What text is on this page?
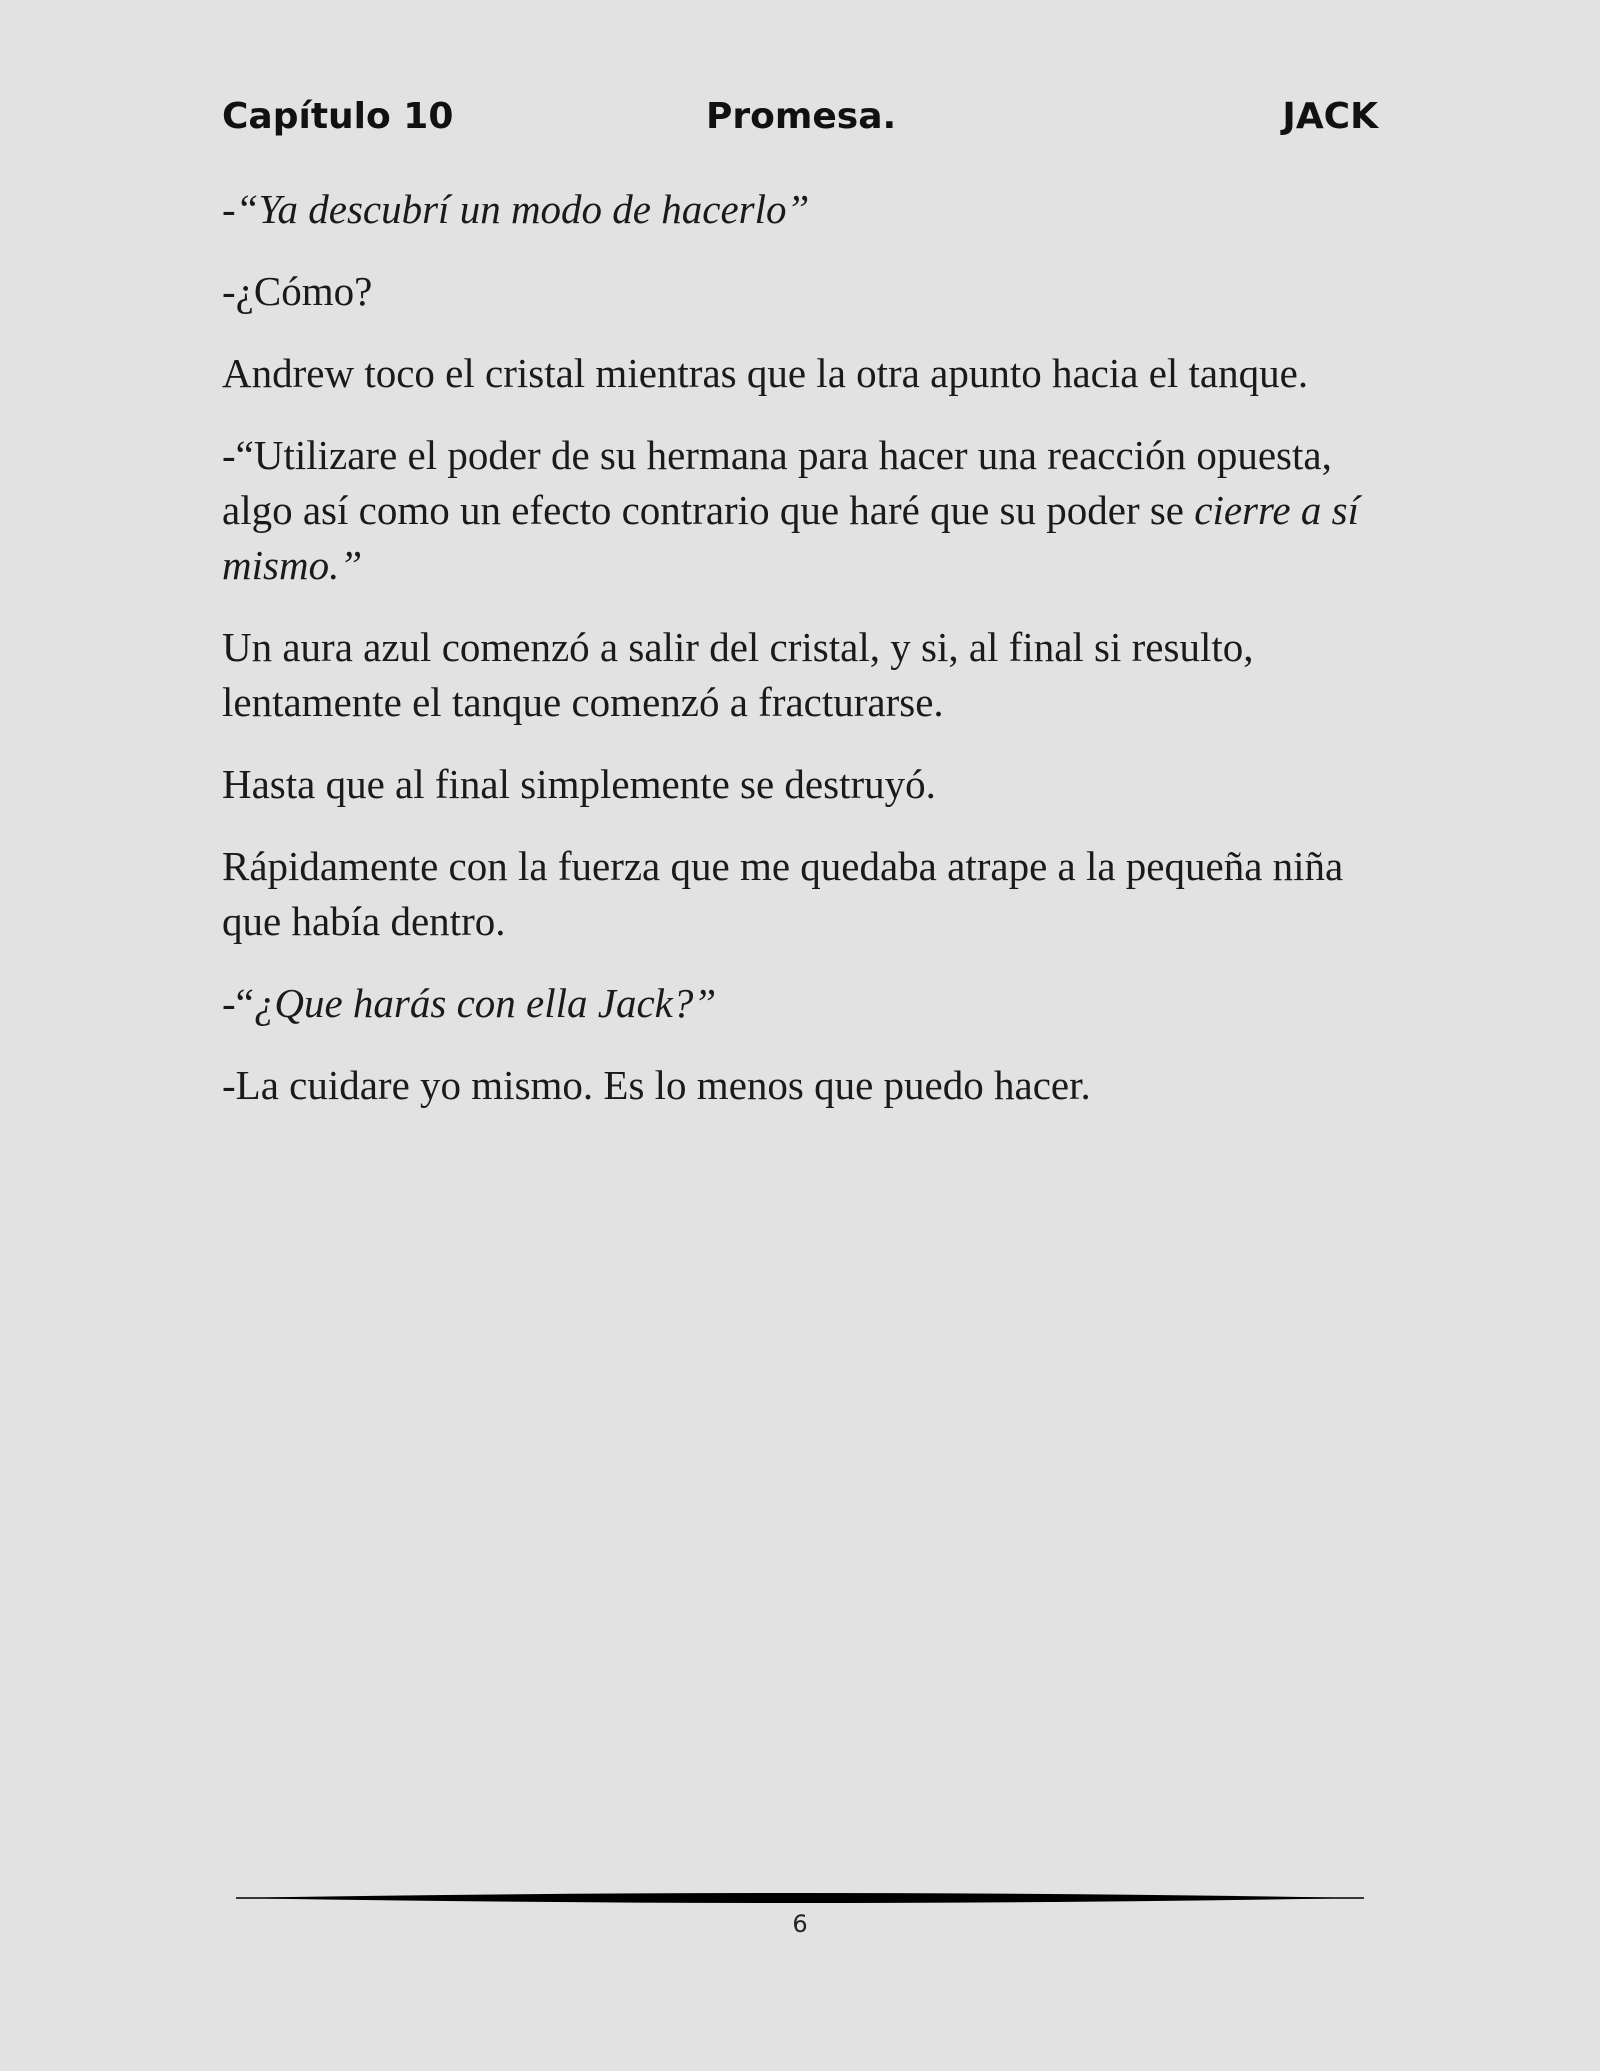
Capítulo 10	Promesa.	JACK

-“Ya descubrí un modo de hacerlo”

-¿Cómo?

Andrew toco el cristal mientras que la otra apunto hacia el tanque.

-“Utilizare el poder de su hermana para hacer una reacción opuesta, algo así como un efecto contrario que haré que su poder se cierre a sí mismo.”

Un aura azul comenzó a salir del cristal, y si, al final si resulto, lentamente el tanque comenzó a fracturarse.

Hasta que al final simplemente se destruyó.

Rápidamente con la fuerza que me quedaba atrape a la pequeña niña que había dentro.

-“¿Que harás con ella Jack?”

-La cuidare yo mismo. Es lo menos que puedo hacer.

6
